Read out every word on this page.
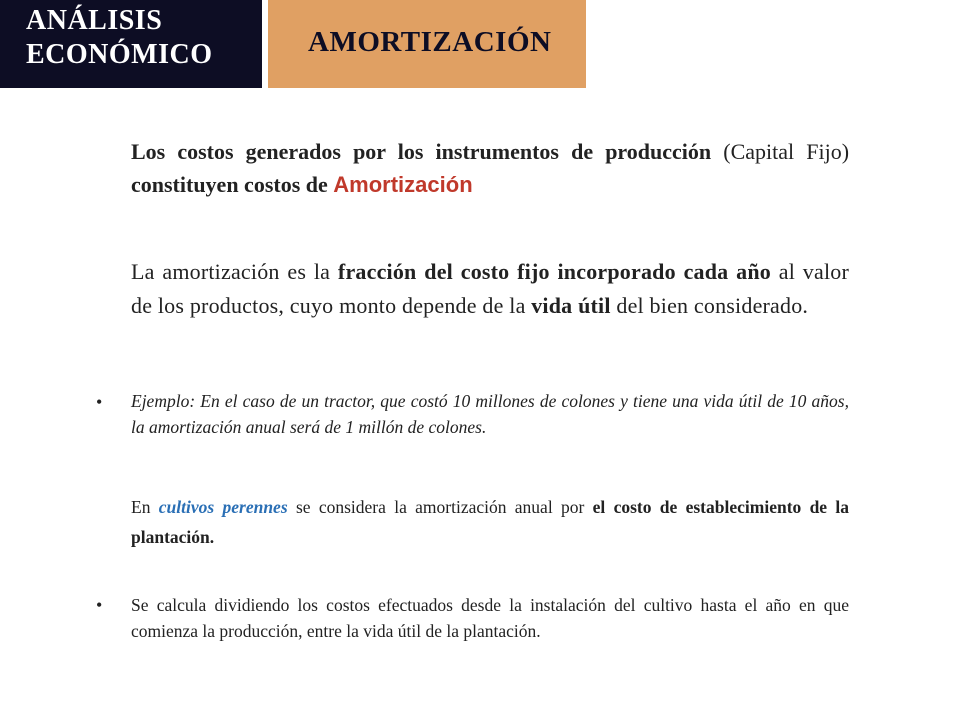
ANÁLISIS
ECONÓMICO	AMORTIZACIÓN

Los costos generados por los instrumentos de producción (Capital Fijo) constituyen costos de Amortización

La amortización es la fracción del costo fijo incorporado cada año al valor de los productos, cuyo monto depende de la vida útil del bien considerado.

• Ejemplo: En el caso de un tractor, que costó 10 millones de colones y tiene una vida útil de 10 años, la amortización anual será de 1 millón de colones.

En cultivos perennes se considera la amortización anual por el costo de establecimiento de la plantación.

• Se calcula dividiendo los costos efectuados desde la instalación del cultivo hasta el año en que comienza la producción, entre la vida útil de la plantación.
